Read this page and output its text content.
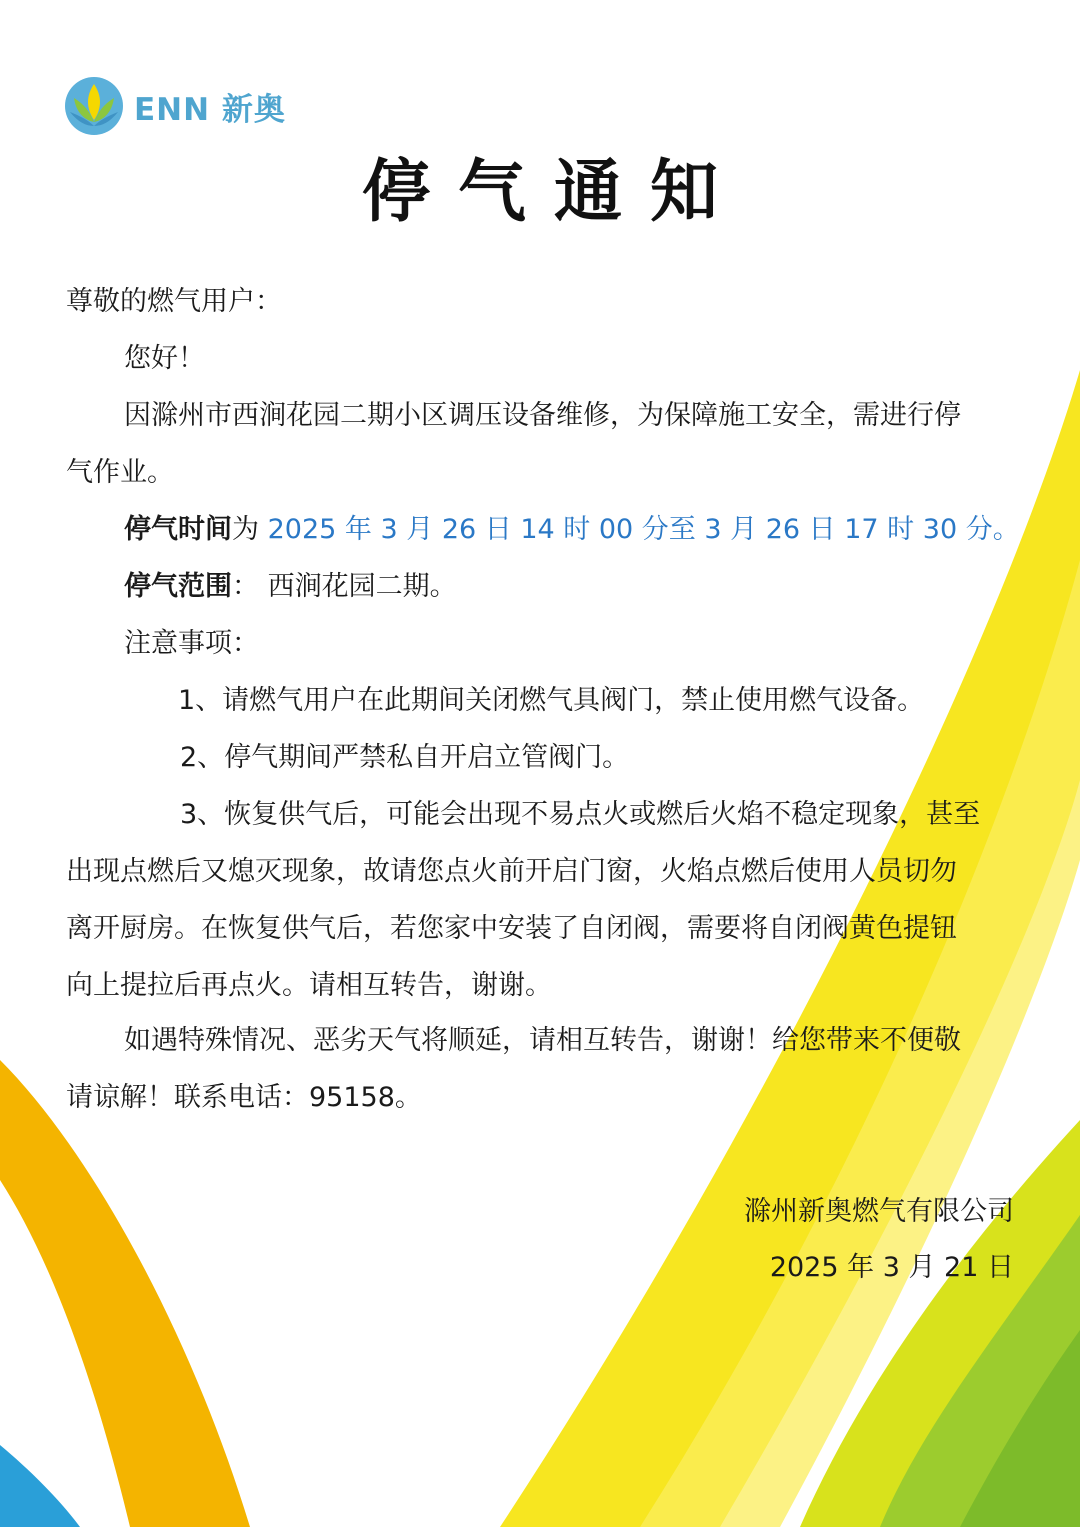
ENN 新奥
停气通知
尊敬的燃气用户：
您好！
因滁州市西涧花园二期小区调压设备维修，为保障施工安全，需进行停
气作业。
停气时间为 2025 年 3 月 26 日 14 时 00 分至 3 月 26 日 17 时 30 分。
停气范围： 西涧花园二期。
注意事项：
1、请燃气用户在此期间关闭燃气具阀门，禁止使用燃气设备。
2、停气期间严禁私自开启立管阀门。
3、恢复供气后，可能会出现不易点火或燃后火焰不稳定现象，甚至
出现点燃后又熄灭现象，故请您点火前开启门窗，火焰点燃后使用人员切勿
离开厨房。在恢复供气后，若您家中安装了自闭阀，需要将自闭阀黄色提钮
向上提拉后再点火。请相互转告，谢谢。
如遇特殊情况、恶劣天气将顺延，请相互转告，谢谢！给您带来不便敬
请谅解！联系电话：95158。
滁州新奥燃气有限公司
2025 年 3 月 21 日
